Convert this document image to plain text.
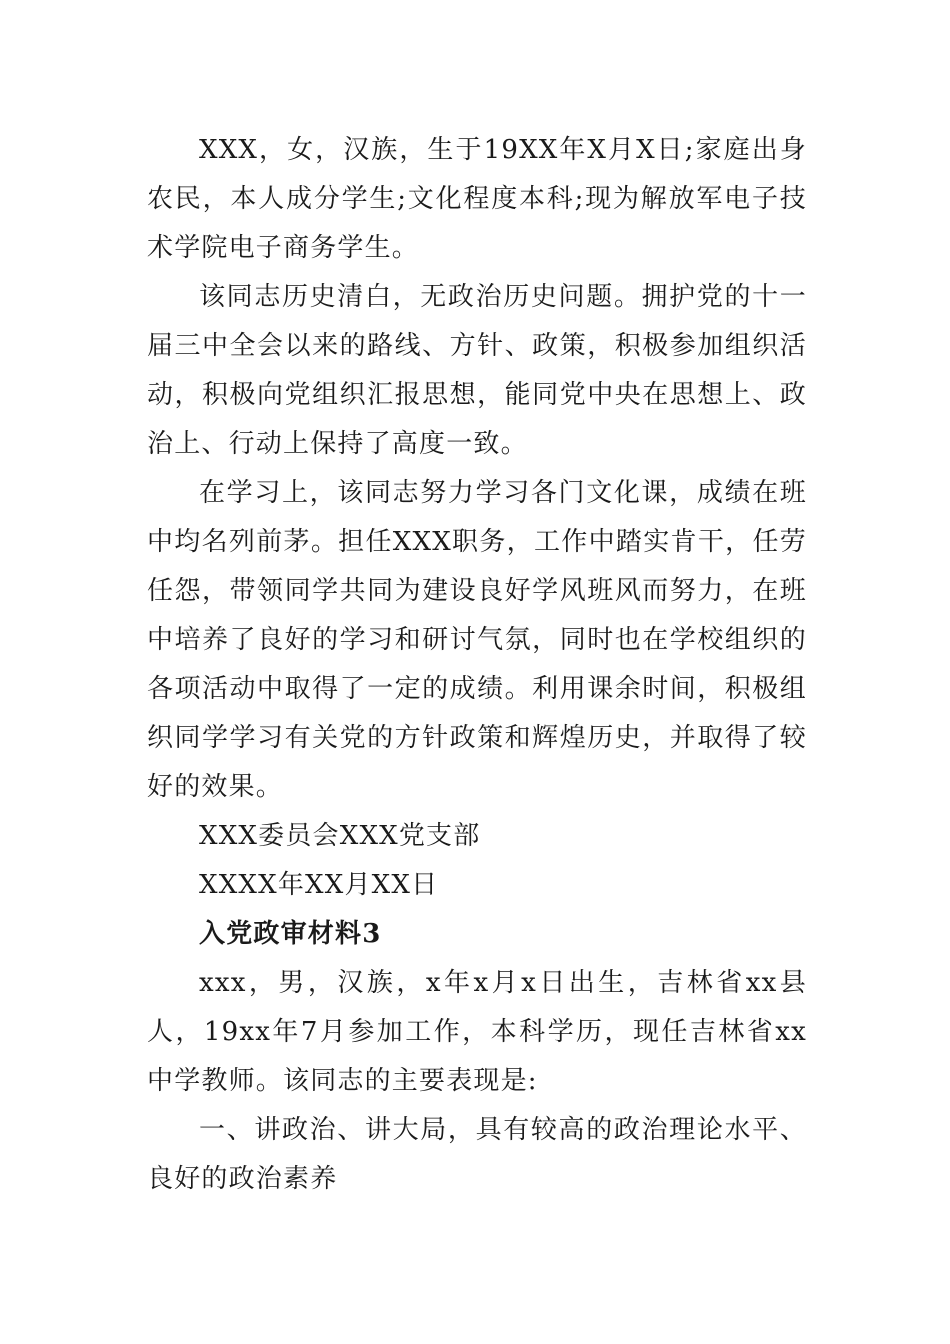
XXX，女，汉族，生于19XX年X月X日;家庭出身农民，本人成分学生;文化程度本科;现为解放军电子技术学院电子商务学生。

该同志历史清白，无政治历史问题。拥护党的十一届三中全会以来的路线、方针、政策，积极参加组织活动，积极向党组织汇报思想，能同党中央在思想上、政治上、行动上保持了高度一致。

在学习上，该同志努力学习各门文化课，成绩在班中均名列前茅。担任XXX职务，工作中踏实肯干，任劳任怨，带领同学共同为建设良好学风班风而努力，在班中培养了良好的学习和研讨气氛，同时也在学校组织的各项活动中取得了一定的成绩。利用课余时间，积极组织同学学习有关党的方针政策和辉煌历史，并取得了较好的效果。

XXX委员会XXX党支部

XXXX年XX月XX日

入党政审材料3

xxx，男，汉族，x年x月x日出生，吉林省xx县人，19xx年7月参加工作，本科学历，现任吉林省xx中学教师。该同志的主要表现是:

一、讲政治、讲大局，具有较高的政治理论水平、良好的政治素养
